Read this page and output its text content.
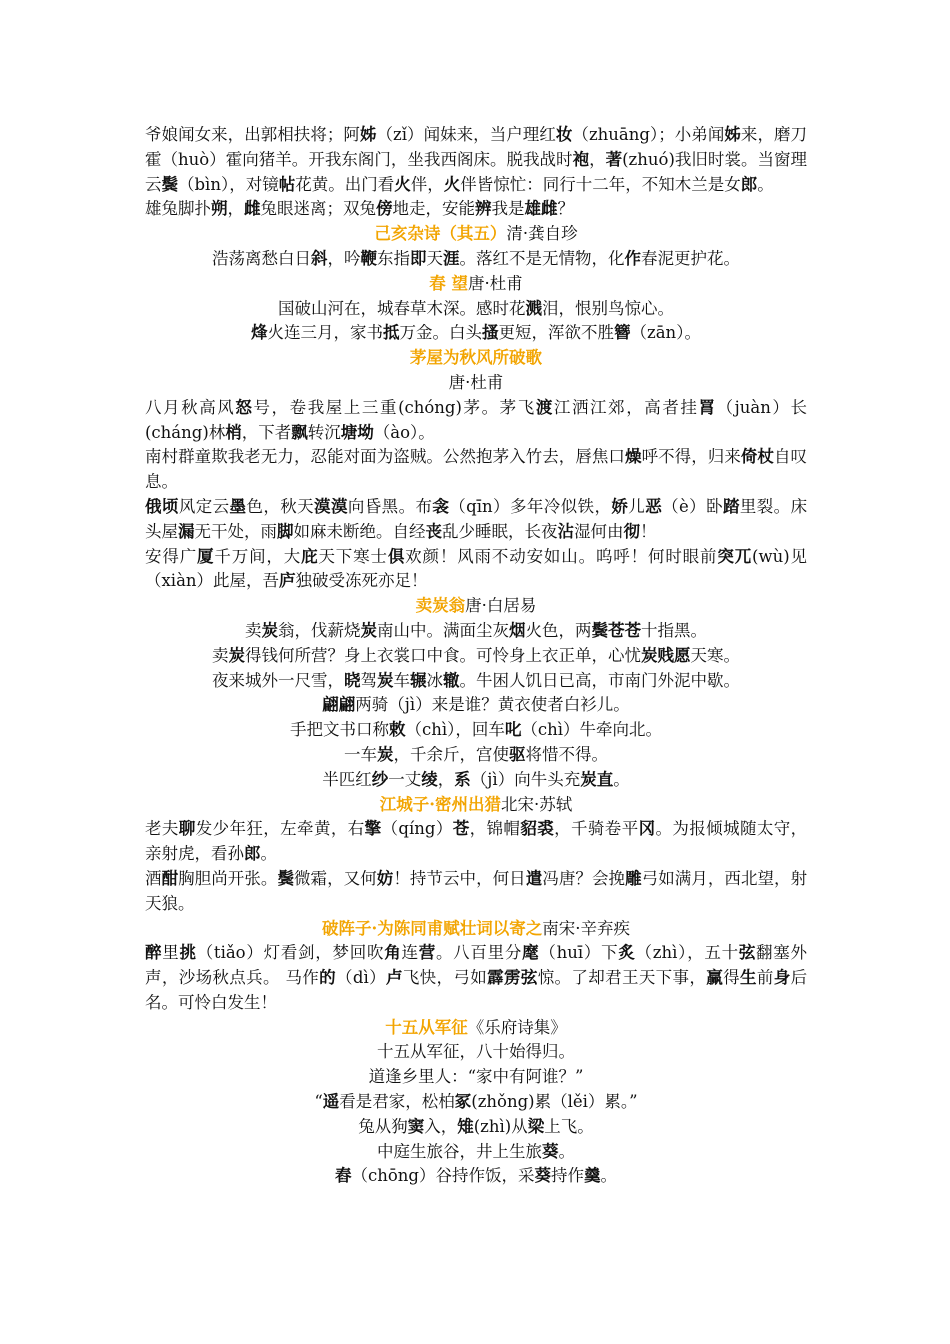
爷娘闻女来，出郭相扶将；阿姊（zǐ）闻妹来，当户理红妆（zhuāng）；小弟闻姊来，磨刀霍（huò）霍向猪羊。开我东阁门，坐我西阁床。脱我战时袍，著(zhuó)我旧时裳。当窗理云鬓（bìn），对镜帖花黄。出门看火伴，火伴皆惊忙：同行十二年，不知木兰是女郎。

雄兔脚扑朔，雌兔眼迷离；双兔傍地走，安能辨我是雄雌？

己亥杂诗（其五）清·龚自珍

浩荡离愁白日斜，吟鞭东指即天涯。落红不是无情物，化作春泥更护花。

春 望唐·杜甫

国破山河在，城春草木深。感时花溅泪，恨别鸟惊心。

烽火连三月，家书抵万金。白头搔更短，浑欲不胜簪（zān）。

茅屋为秋风所破歌

唐·杜甫

八月秋高风怒号，卷我屋上三重(chóng)茅。茅飞渡江洒江郊，高者挂罥（juàn）长(cháng)林梢，下者飘转沉塘坳（ào）。

南村群童欺我老无力，忍能对面为盗贼。公然抱茅入竹去，唇焦口燥呼不得，归来倚杖自叹息。

俄顷风定云墨色，秋天漠漠向昏黑。布衾（qīn）多年冷似铁，娇儿恶（è）卧踏里裂。床头屋漏无干处，雨脚如麻未断绝。自经丧乱少睡眠，长夜沾湿何由彻！

安得广厦千万间，大庇天下寒士俱欢颜！风雨不动安如山。呜呼！何时眼前突兀(wù)见（xiàn）此屋，吾庐独破受冻死亦足！

卖炭翁唐·白居易

卖炭翁，伐薪烧炭南山中。满面尘灰烟火色，两鬓苍苍十指黑。

卖炭得钱何所营？身上衣裳口中食。可怜身上衣正单，心忧炭贱愿天寒。

夜来城外一尺雪，晓驾炭车辗冰辙。牛困人饥日已高，市南门外泥中歇。

翩翩两骑（jì）来是谁？黄衣使者白衫儿。

手把文书口称敕（chì），回车叱（chì）牛牵向北。

一车炭，千余斤，宫使驱将惜不得。

半匹红纱一丈绫，系（jì）向牛头充炭直。

江城子·密州出猎北宋·苏轼

老夫聊发少年狂，左牵黄，右擎（qíng）苍，锦帽貂裘，千骑卷平冈。为报倾城随太守，亲射虎，看孙郎。

酒酣胸胆尚开张。鬓微霜，又何妨！持节云中，何日遣冯唐？会挽雕弓如满月，西北望，射天狼。

破阵子·为陈同甫赋壮词以寄之南宋·辛弃疾

醉里挑（tiǎo）灯看剑，梦回吹角连营。八百里分麾（huī）下炙（zhì），五十弦翻塞外声，沙场秋点兵。 马作的（dì）卢飞快，弓如霹雳弦惊。了却君王天下事，赢得生前身后名。可怜白发生！

十五从军征《乐府诗集》

十五从军征，八十始得归。

道逢乡里人：“家中有阿谁？”

“遥看是君家，松柏冢(zhǒng)累（lěi）累。”

兔从狗窦入，雉(zhì)从梁上飞。

中庭生旅谷，井上生旅葵。

舂（chōng）谷持作饭，采葵持作羹。
